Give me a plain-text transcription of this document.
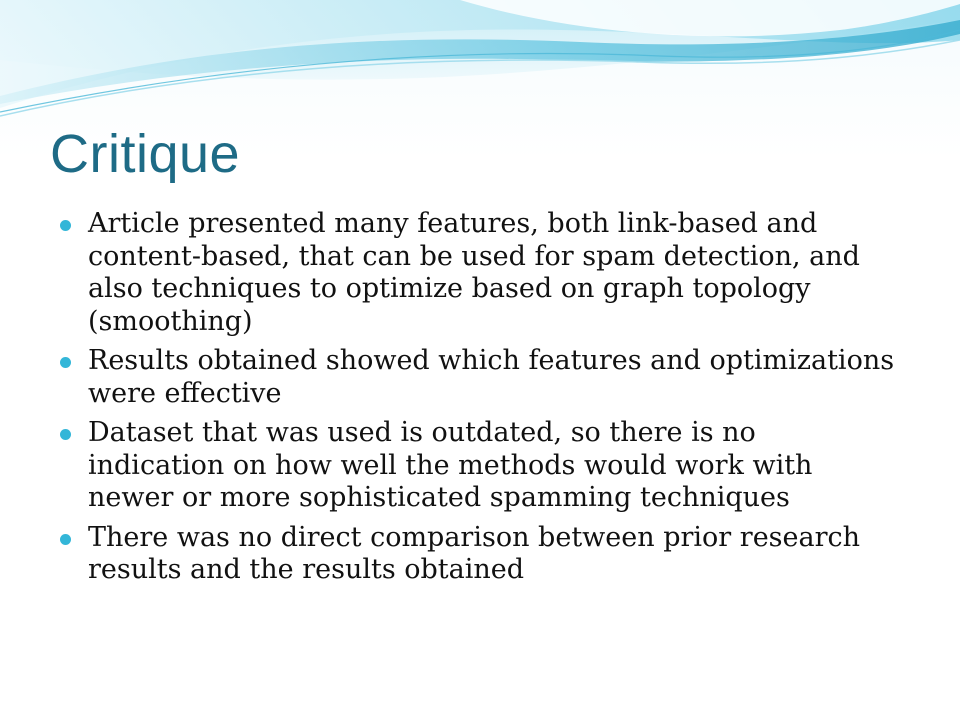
Critique
Article presented many features, both link-based and content-based, that can be used for spam detection, and also techniques to optimize based on graph topology (smoothing)
Results obtained showed which features and optimizations were effective
Dataset that was used is outdated, so there is no indication on how well the methods would work with newer or more sophisticated spamming techniques
There was no direct comparison between prior research results and the results obtained
